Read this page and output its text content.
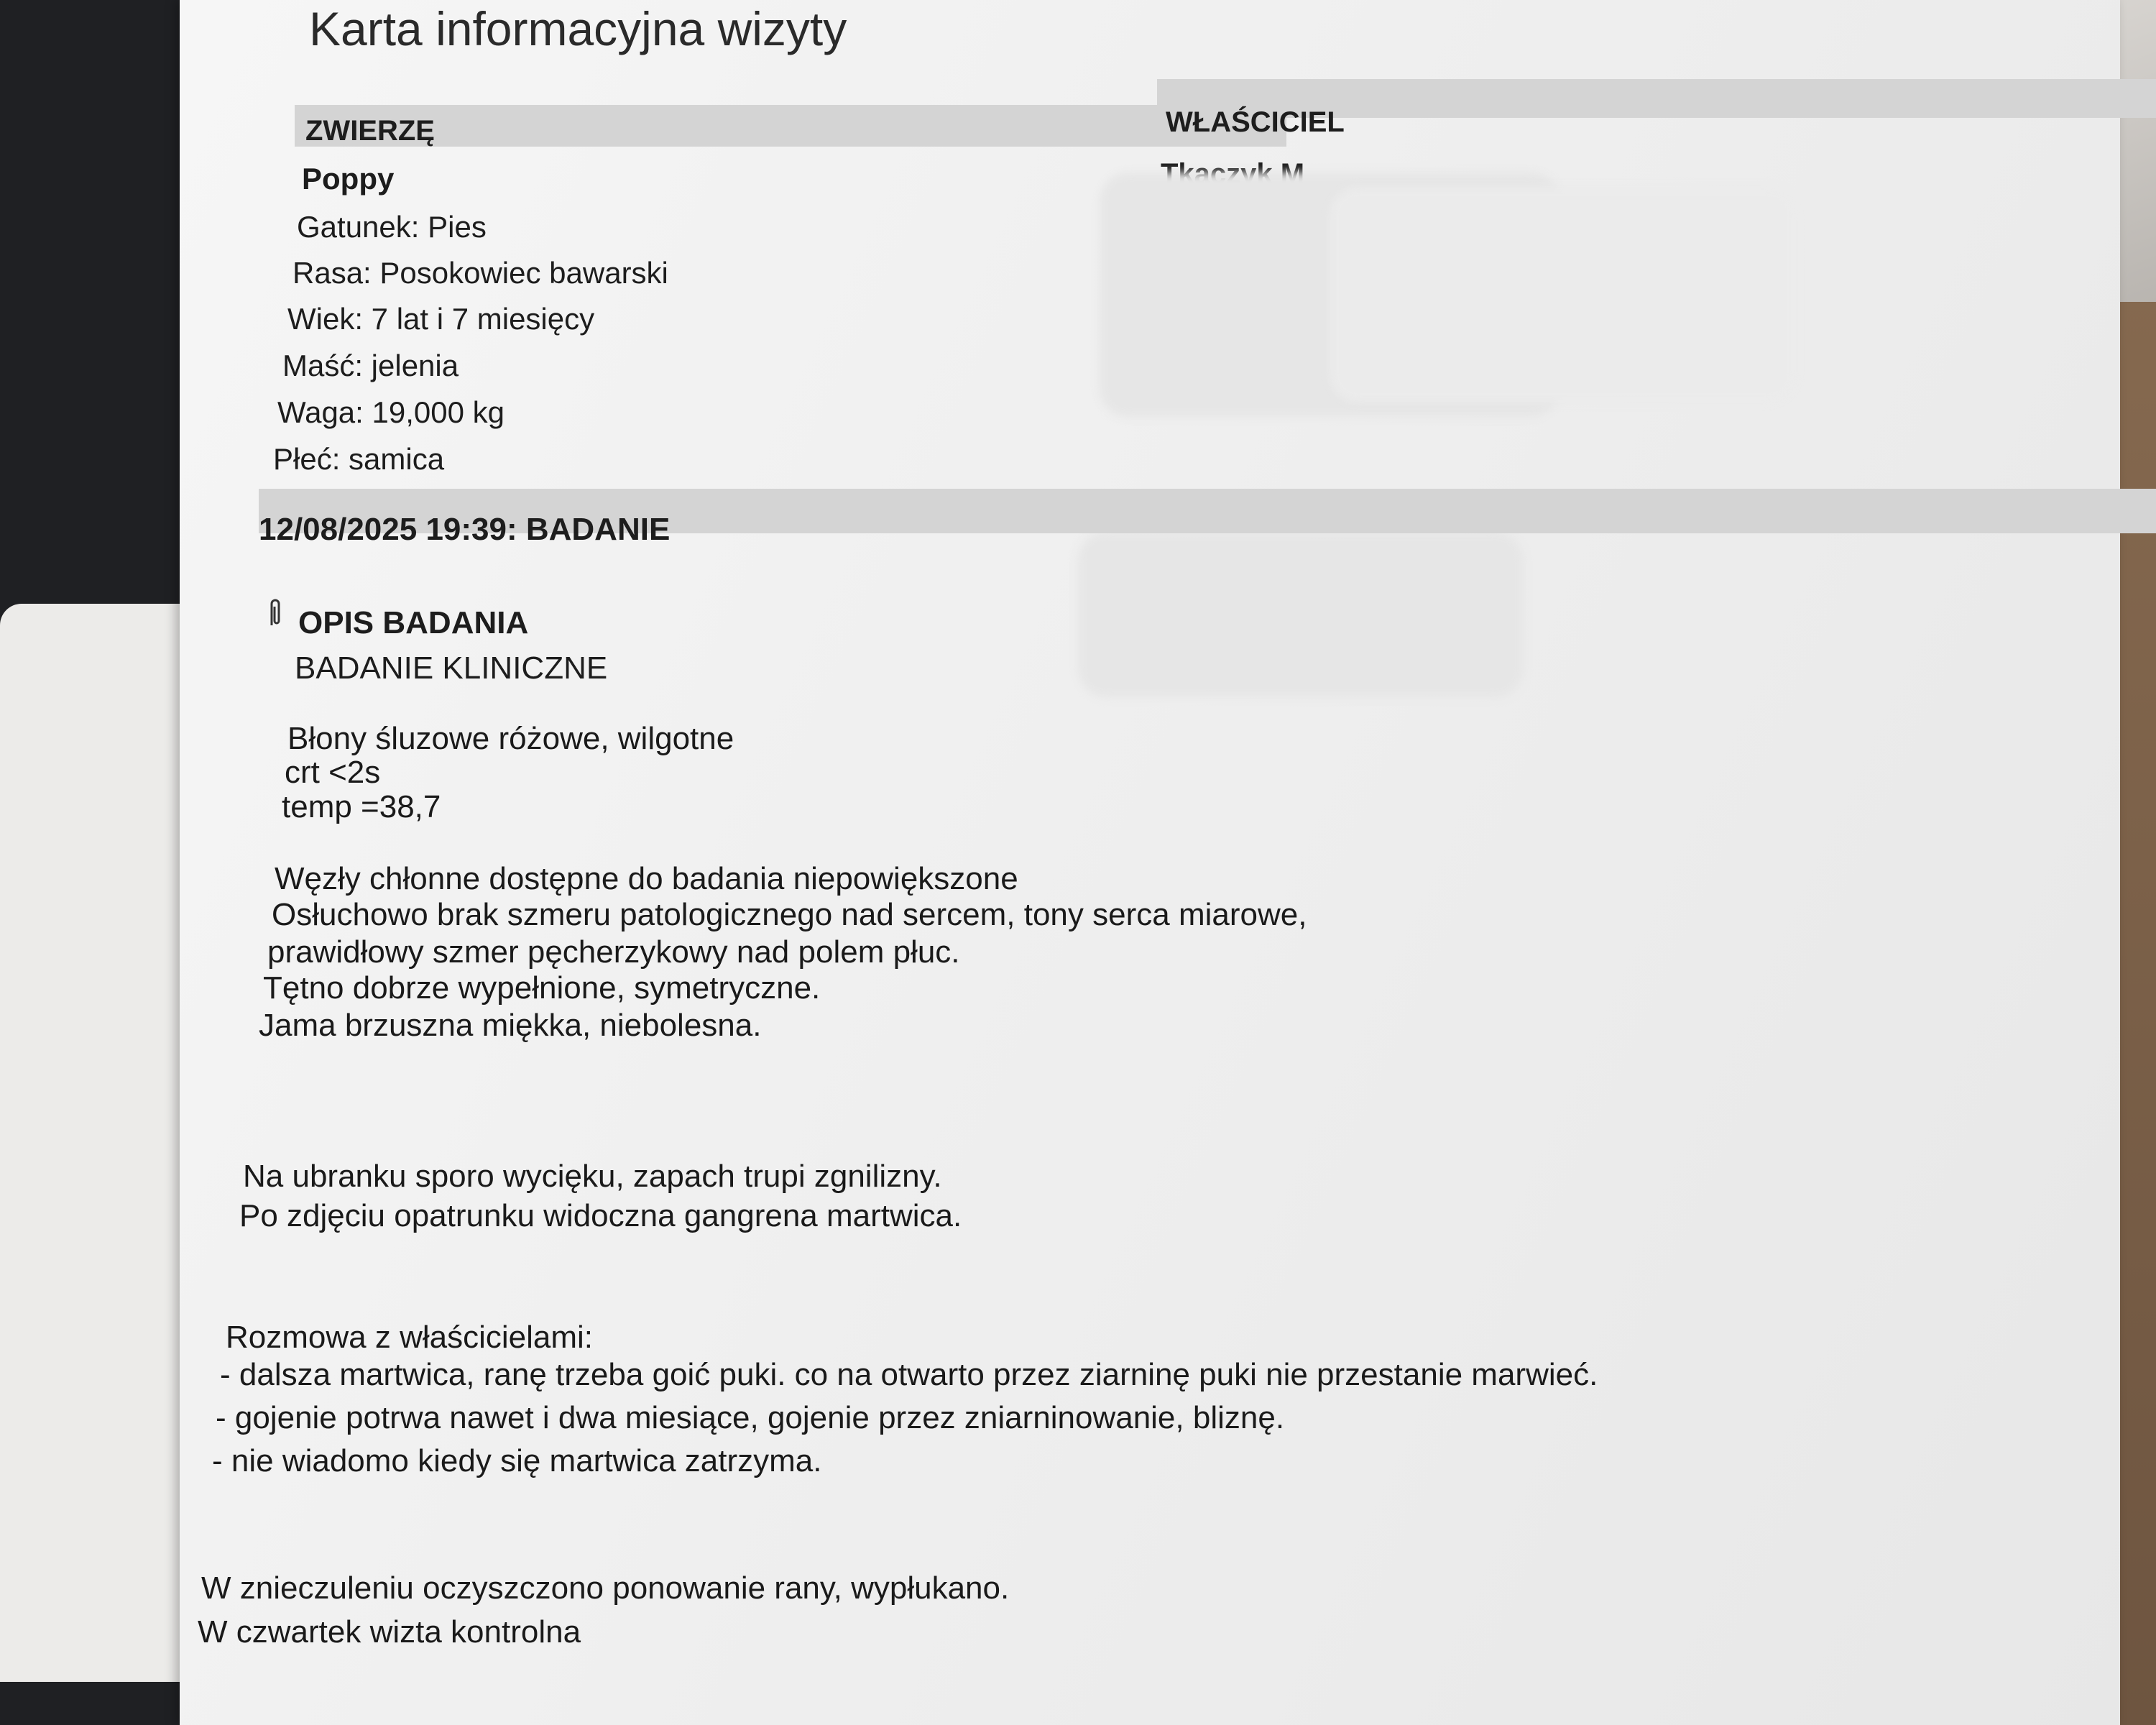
Karta informacyjna wizyty
ZWIERZĘ	WŁAŚCICIEL
Poppy
Gatunek: Pies
Rasa: Posokowiec bawarski
Wiek: 7 lat i 7 miesięcy
Maść: jelenia
Waga: 19,000 kg
Płeć: samica
12/08/2025 19:39: BADANIE
OPIS BADANIA
BADANIE KLINICZNE
Błony śluzowe różowe, wilgotne
crt <2s
temp =38,7
Węzły chłonne dostępne do badania niepowiększone
Osłuchowo brak szmeru patologicznego nad sercem, tony serca miarowe,
prawidłowy szmer pęcherzykowy nad polem płuc.
Tętno dobrze wypełnione, symetryczne.
Jama brzuszna miękka, niebolesna.
Na ubranku sporo wycięku, zapach trupi zgnilizny.
Po zdjęciu opatrunku widoczna gangrena martwica.
Rozmowa z właścicielami:
- dalsza martwica, ranę trzeba goić puki. co na otwarto przez ziarninę puki nie przestanie marwieć.
- gojenie potrwa nawet i dwa miesiące, gojenie przez zniarninowanie, bliznę.
- nie wiadomo kiedy się martwica zatrzyma.
W znieczuleniu oczyszczono ponowanie rany, wypłukano.
W czwartek wizta kontrolna
